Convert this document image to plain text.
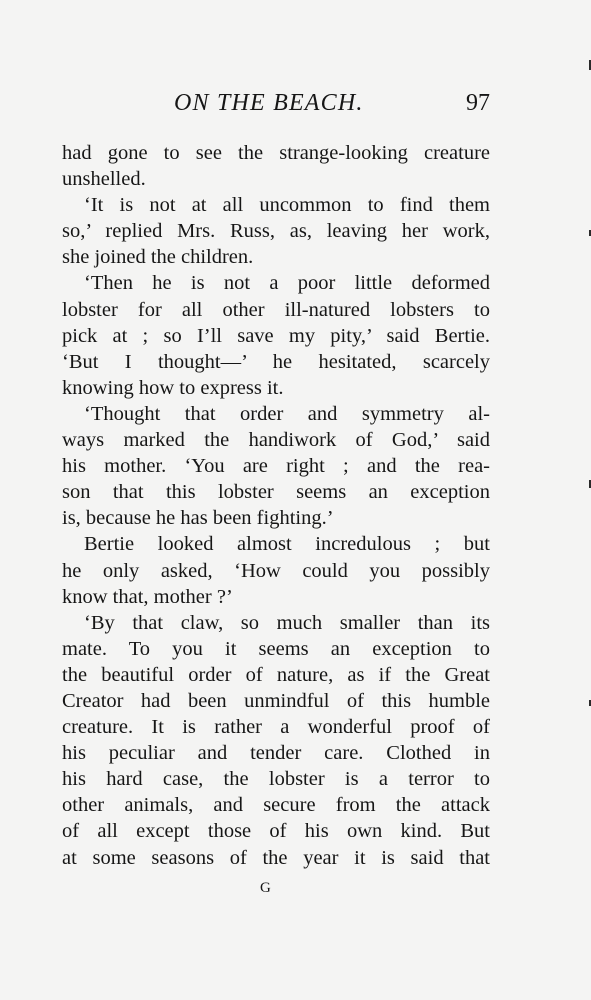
ON THE BEACH.	97
had gone to see the strange-looking creature
unshelled.
‘It is not at all uncommon to find them
so,’ replied Mrs. Russ, as, leaving her work,
she joined the children.
‘Then he is not a poor little deformed
lobster for all other ill-natured lobsters to
pick at ; so I’ll save my pity,’ said Bertie.
‘But I thought—’ he hesitated, scarcely
knowing how to express it.
‘Thought that order and symmetry al-
ways marked the handiwork of God,’ said
his mother. ‘You are right ; and the rea-
son that this lobster seems an exception
is, because he has been fighting.’
Bertie looked almost incredulous ; but
he only asked, ‘How could you possibly
know that, mother ?’
‘By that claw, so much smaller than its
mate. To you it seems an exception to
the beautiful order of nature, as if the Great
Creator had been unmindful of this humble
creature. It is rather a wonderful proof of
his peculiar and tender care. Clothed in
his hard case, the lobster is a terror to
other animals, and secure from the attack
of all except those of his own kind. But
at some seasons of the year it is said that
G
